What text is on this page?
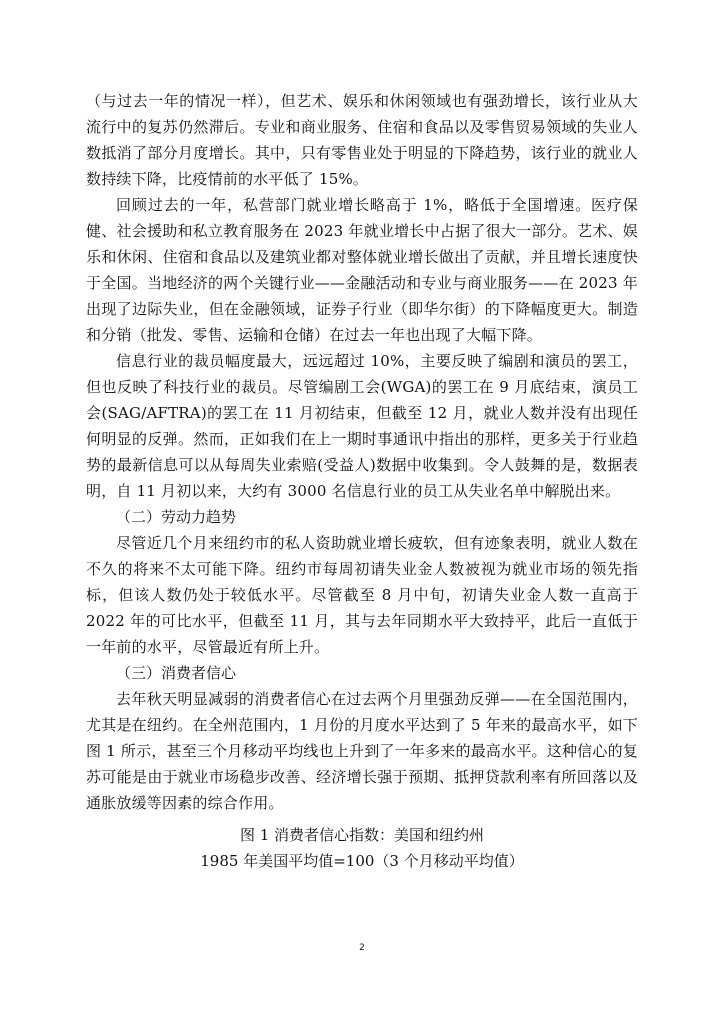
（与过去一年的情况一样），但艺术、娱乐和休闲领域也有强劲增长，该行业从大流行中的复苏仍然滞后。专业和商业服务、住宿和食品以及零售贸易领域的失业人数抵消了部分月度增长。其中，只有零售业处于明显的下降趋势，该行业的就业人数持续下降，比疫情前的水平低了 15%。

回顾过去的一年，私营部门就业增长略高于 1%，略低于全国增速。医疗保健、社会援助和私立教育服务在 2023 年就业增长中占据了很大一部分。艺术、娱乐和休闲、住宿和食品以及建筑业都对整体就业增长做出了贡献，并且增长速度快于全国。当地经济的两个关键行业——金融活动和专业与商业服务——在 2023 年出现了边际失业，但在金融领域，证券子行业（即华尔街）的下降幅度更大。制造和分销（批发、零售、运输和仓储）在过去一年也出现了大幅下降。

信息行业的裁员幅度最大，远远超过 10%，主要反映了编剧和演员的罢工，但也反映了科技行业的裁员。尽管编剧工会(WGA)的罢工在 9 月底结束，演员工会(SAG/AFTRA)的罢工在 11 月初结束，但截至 12 月，就业人数并没有出现任何明显的反弹。然而，正如我们在上一期时事通讯中指出的那样，更多关于行业趋势的最新信息可以从每周失业索赔(受益人)数据中收集到。令人鼓舞的是，数据表明，自 11 月初以来，大约有 3000 名信息行业的员工从失业名单中解脱出来。

（二）劳动力趋势

尽管近几个月来纽约市的私人资助就业增长疲软，但有迹象表明，就业人数在不久的将来不太可能下降。纽约市每周初请失业金人数被视为就业市场的领先指标，但该人数仍处于较低水平。尽管截至 8 月中旬，初请失业金人数一直高于 2022 年的可比水平，但截至 11 月，其与去年同期水平大致持平，此后一直低于一年前的水平，尽管最近有所上升。

（三）消费者信心

去年秋天明显减弱的消费者信心在过去两个月里强劲反弹——在全国范围内，尤其是在纽约。在全州范围内，1 月份的月度水平达到了 5 年来的最高水平，如下图 1 所示，甚至三个月移动平均线也上升到了一年多来的最高水平。这种信心的复苏可能是由于就业市场稳步改善、经济增长强于预期、抵押贷款利率有所回落以及通胀放缓等因素的综合作用。

图 1 消费者信心指数：美国和纽约州

1985 年美国平均值=100（3 个月移动平均值）

2
